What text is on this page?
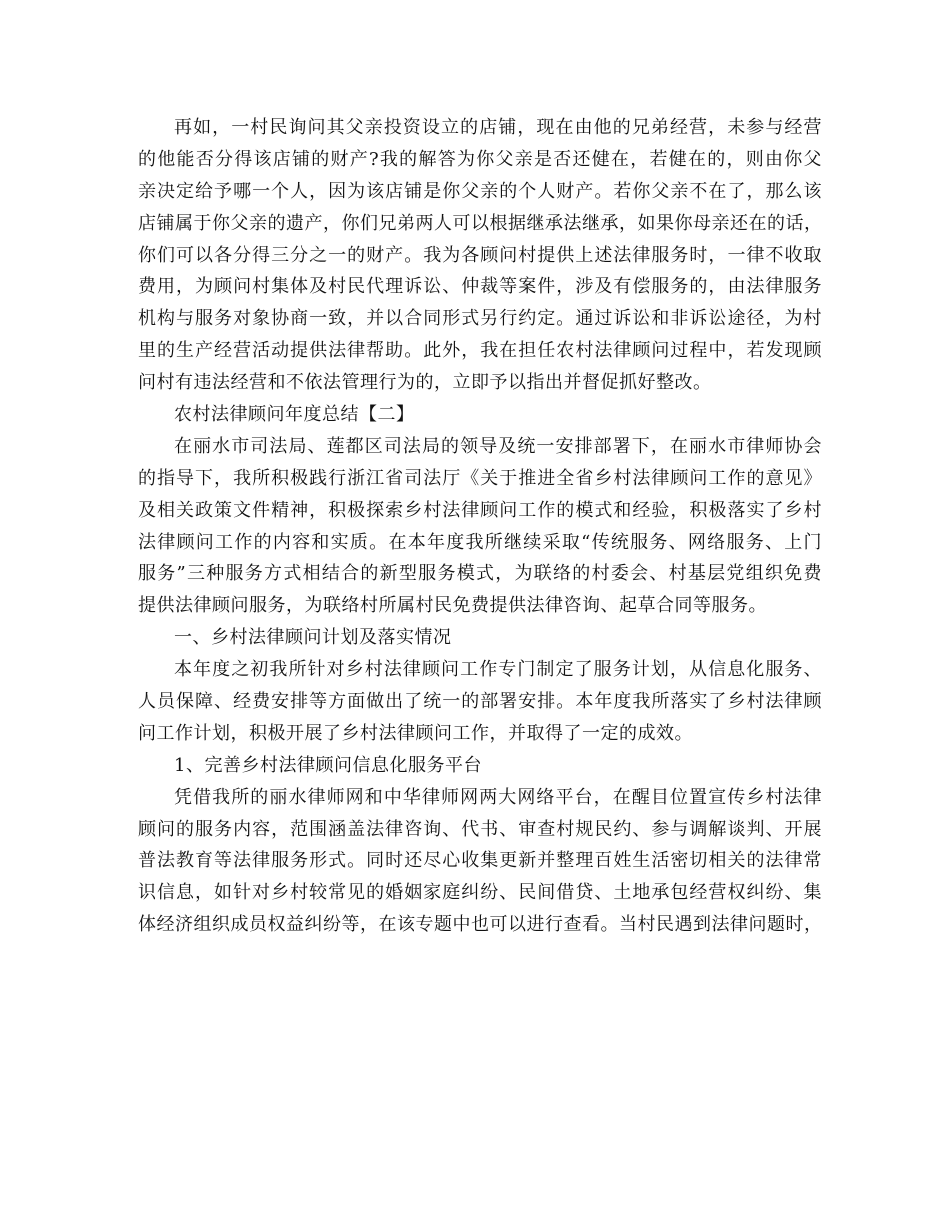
再如，一村民询问其父亲投资设立的店铺，现在由他的兄弟经营，未参与经营
的他能否分得该店铺的财产?我的解答为你父亲是否还健在，若健在的，则由你父
亲决定给予哪一个人，因为该店铺是你父亲的个人财产。若你父亲不在了，那么该
店铺属于你父亲的遗产，你们兄弟两人可以根据继承法继承，如果你母亲还在的话，
你们可以各分得三分之一的财产。我为各顾问村提供上述法律服务时，一律不收取
费用，为顾问村集体及村民代理诉讼、仲裁等案件，涉及有偿服务的，由法律服务
机构与服务对象协商一致，并以合同形式另行约定。通过诉讼和非诉讼途径，为村
里的生产经营活动提供法律帮助。此外，我在担任农村法律顾问过程中，若发现顾
问村有违法经营和不依法管理行为的，立即予以指出并督促抓好整改。
农村法律顾问年度总结【二】
在丽水市司法局、莲都区司法局的领导及统一安排部署下，在丽水市律师协会
的指导下，我所积极践行浙江省司法厅《关于推进全省乡村法律顾问工作的意见》
及相关政策文件精神，积极探索乡村法律顾问工作的模式和经验，积极落实了乡村
法律顾问工作的内容和实质。在本年度我所继续采取“传统服务、网络服务、上门
服务”三种服务方式相结合的新型服务模式，为联络的村委会、村基层党组织免费
提供法律顾问服务，为联络村所属村民免费提供法律咨询、起草合同等服务。
一、乡村法律顾问计划及落实情况
本年度之初我所针对乡村法律顾问工作专门制定了服务计划，从信息化服务、
人员保障、经费安排等方面做出了统一的部署安排。本年度我所落实了乡村法律顾
问工作计划，积极开展了乡村法律顾问工作，并取得了一定的成效。
1、完善乡村法律顾问信息化服务平台
凭借我所的丽水律师网和中华律师网两大网络平台，在醒目位置宣传乡村法律
顾问的服务内容，范围涵盖法律咨询、代书、审查村规民约、参与调解谈判、开展
普法教育等法律服务形式。同时还尽心收集更新并整理百姓生活密切相关的法律常
识信息，如针对乡村较常见的婚姻家庭纠纷、民间借贷、土地承包经营权纠纷、集
体经济组织成员权益纠纷等，在该专题中也可以进行查看。当村民遇到法律问题时，
